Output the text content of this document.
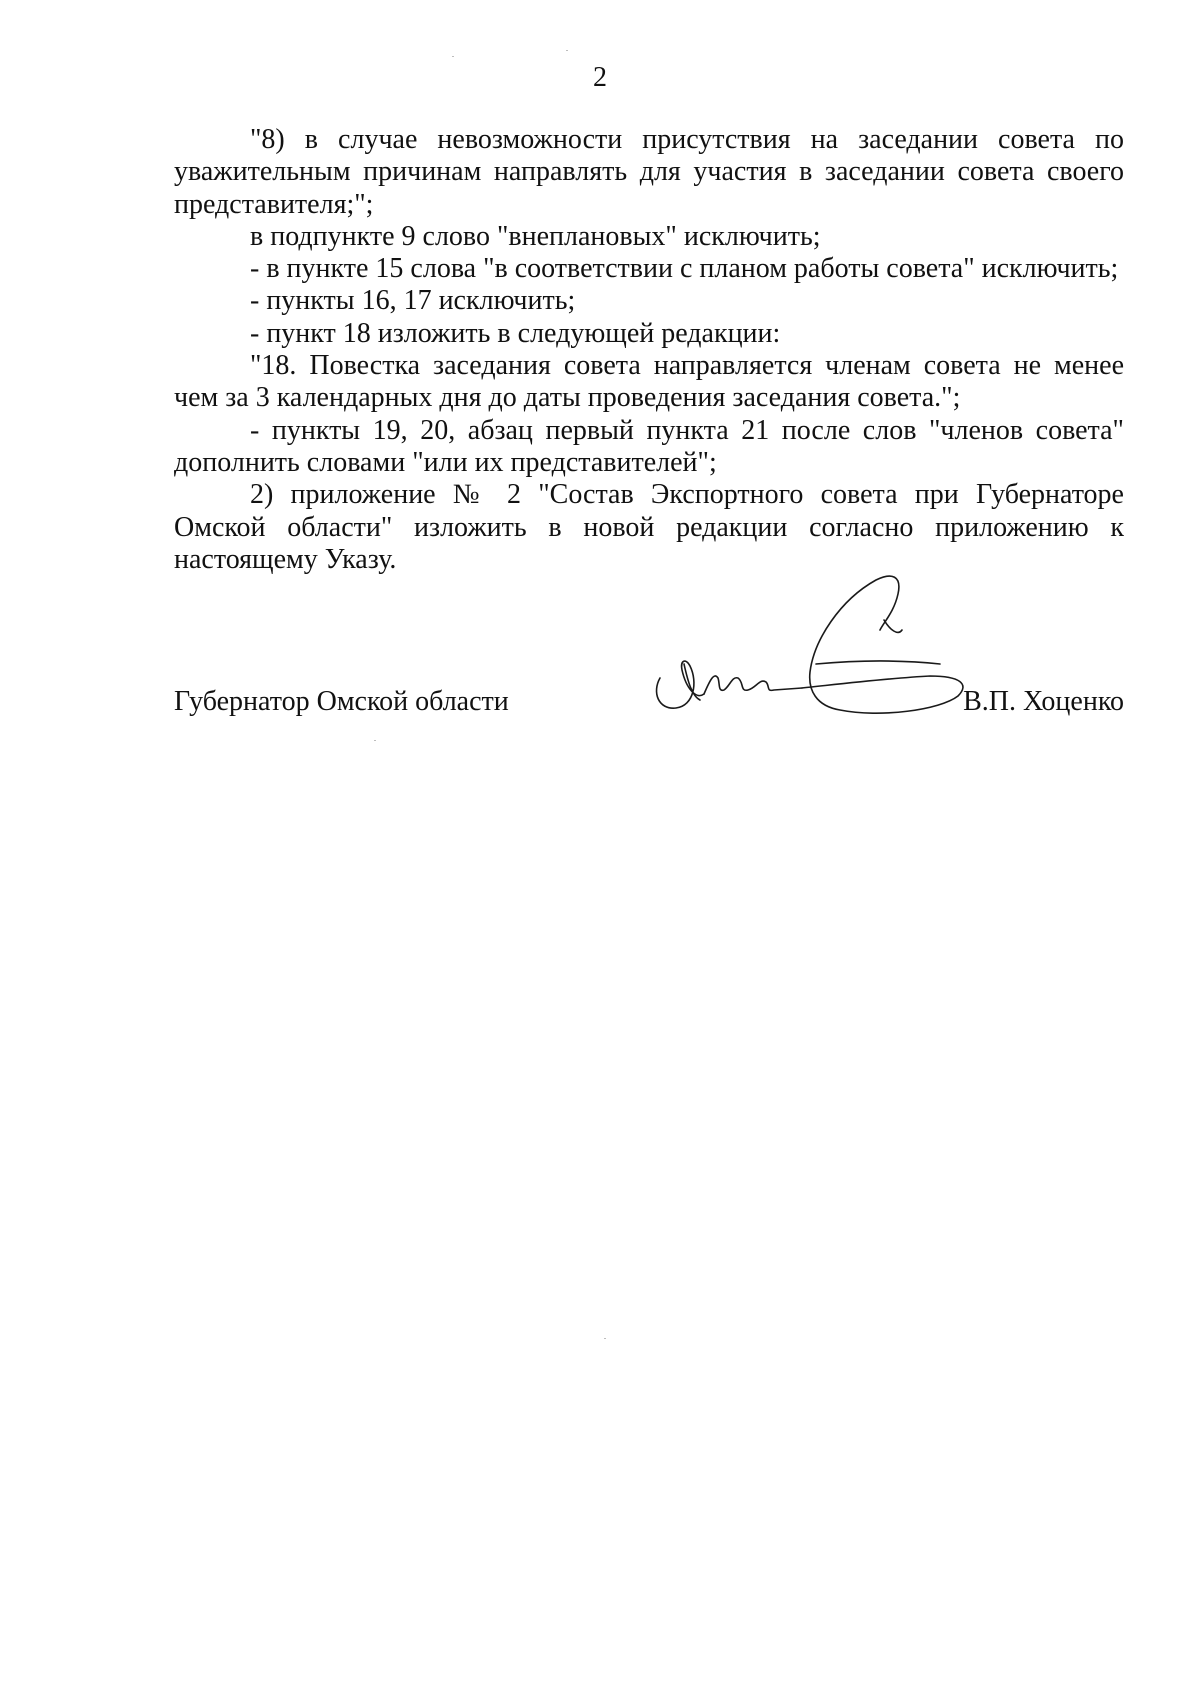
2

"8) в случае невозможности присутствия на заседании совета по уважительным причинам направлять для участия в заседании совета своего представителя;";

в подпункте 9 слово "внеплановых" исключить;

- в пункте 15 слова "в соответствии с планом работы совета" исключить;

- пункты 16, 17 исключить;

- пункт 18 изложить в следующей редакции:

"18. Повестка заседания совета направляется членам совета не менее чем за 3 календарных дня до даты проведения заседания совета.";

- пункты 19, 20, абзац первый пункта 21 после слов "членов совета" дополнить словами "или их представителей";

2) приложение № 2 "Состав Экспортного совета при Губернаторе Омской области" изложить в новой редакции согласно приложению к настоящему Указу.

Губернатор Омской области	В.П. Хоценко
